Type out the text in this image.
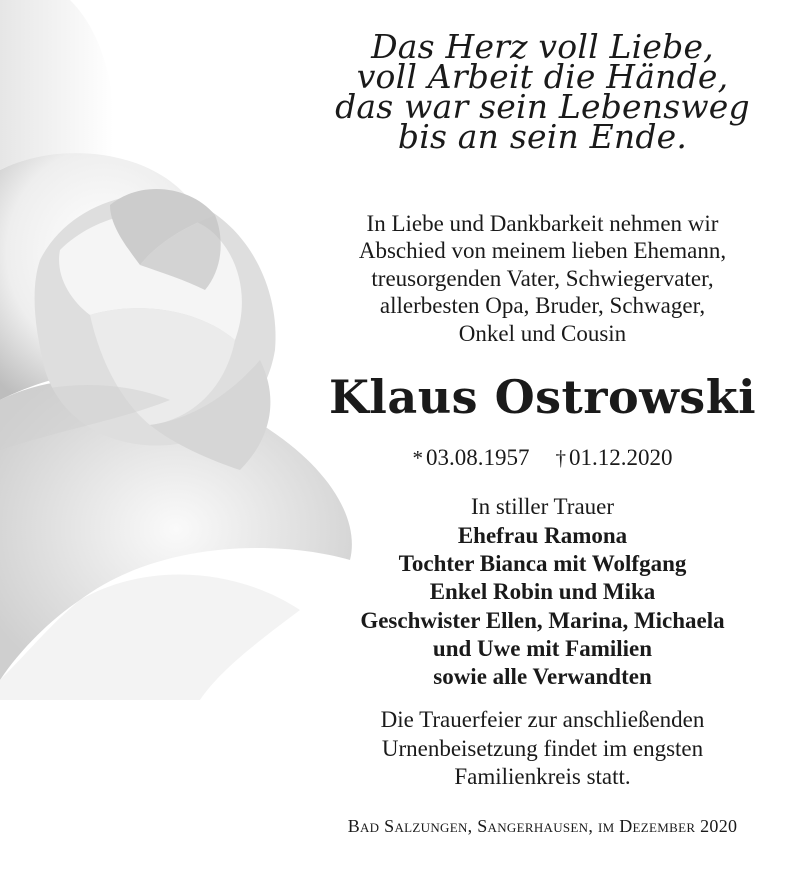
Das Herz voll Liebe,
voll Arbeit die Hände,
das war sein Lebensweg
bis an sein Ende.
In Liebe und Dankbarkeit nehmen wir
Abschied von meinem lieben Ehemann,
treusorgenden Vater, Schwiegervater,
allerbesten Opa, Bruder, Schwager,
Onkel und Cousin
Klaus Ostrowski
* 03.08.1957 † 01.12.2020
In stiller Trauer
Ehefrau Ramona
Tochter Bianca mit Wolfgang
Enkel Robin und Mika
Geschwister Ellen, Marina, Michaela
und Uwe mit Familien
sowie alle Verwandten
Die Trauerfeier zur anschließenden
Urnenbeisetzung findet im engsten
Familienkreis statt.
Bad Salzungen, Sangerhausen, im Dezember 2020
